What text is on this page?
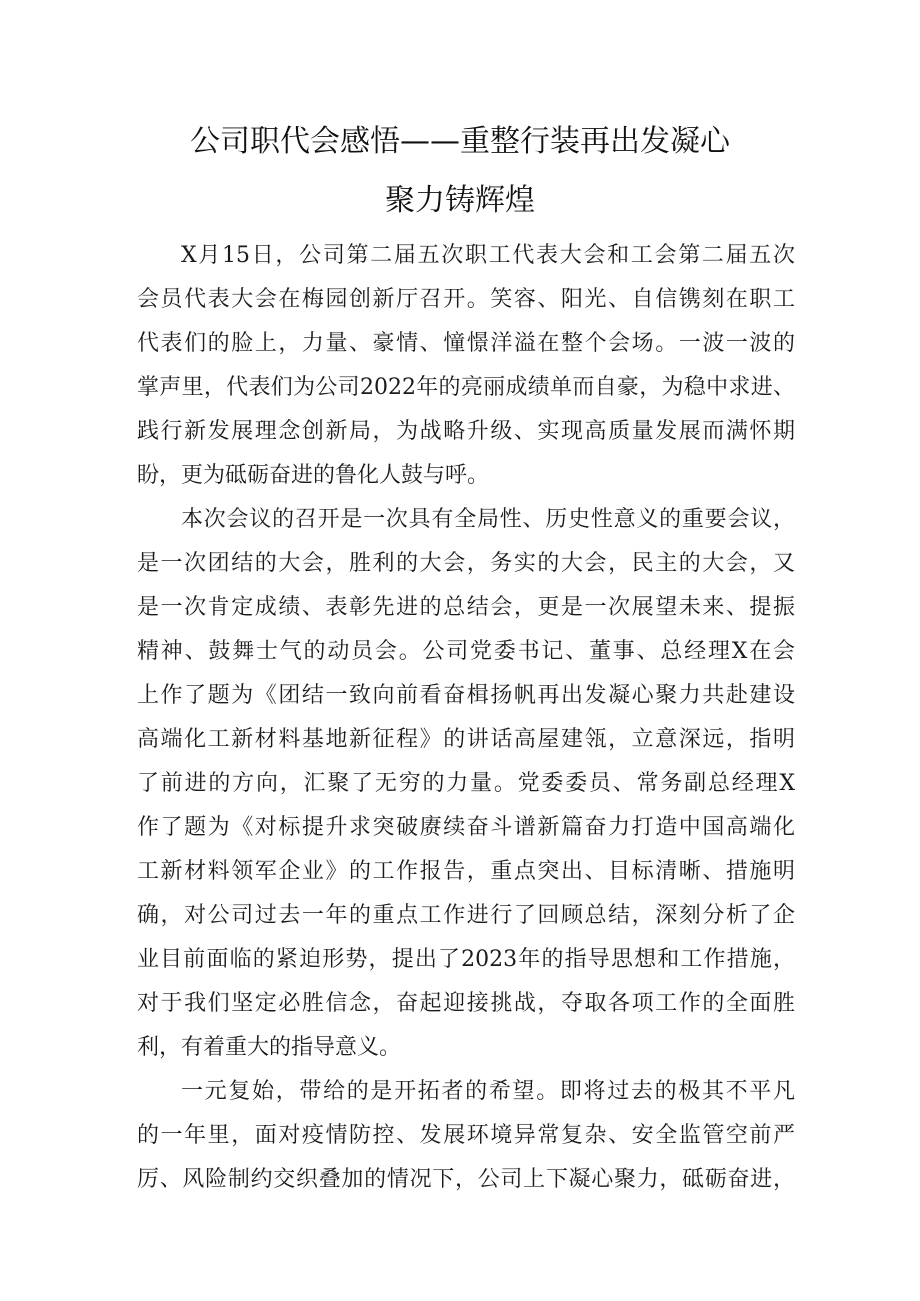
公司职代会感悟——重整行装再出发凝心
聚力铸辉煌
X月15日，公司第二届五次职工代表大会和工会第二届五次
会员代表大会在梅园创新厅召开。笑容、阳光、自信镌刻在职工
代表们的脸上，力量、豪情、憧憬洋溢在整个会场。一波一波的
掌声里，代表们为公司2022年的亮丽成绩单而自豪，为稳中求进、
践行新发展理念创新局，为战略升级、实现高质量发展而满怀期
盼，更为砥砺奋进的鲁化人鼓与呼。
本次会议的召开是一次具有全局性、历史性意义的重要会议，
是一次团结的大会，胜利的大会，务实的大会，民主的大会，又
是一次肯定成绩、表彰先进的总结会，更是一次展望未来、提振
精神、鼓舞士气的动员会。公司党委书记、董事、总经理X在会
上作了题为《团结一致向前看奋楫扬帆再出发凝心聚力共赴建设
高端化工新材料基地新征程》的讲话高屋建瓴，立意深远，指明
了前进的方向，汇聚了无穷的力量。党委委员、常务副总经理X
作了题为《对标提升求突破赓续奋斗谱新篇奋力打造中国高端化
工新材料领军企业》的工作报告，重点突出、目标清晰、措施明
确，对公司过去一年的重点工作进行了回顾总结，深刻分析了企
业目前面临的紧迫形势，提出了2023年的指导思想和工作措施，
对于我们坚定必胜信念，奋起迎接挑战，夺取各项工作的全面胜
利，有着重大的指导意义。
一元复始，带给的是开拓者的希望。即将过去的极其不平凡
的一年里，面对疫情防控、发展环境异常复杂、安全监管空前严
厉、风险制约交织叠加的情况下，公司上下凝心聚力，砥砺奋进，
